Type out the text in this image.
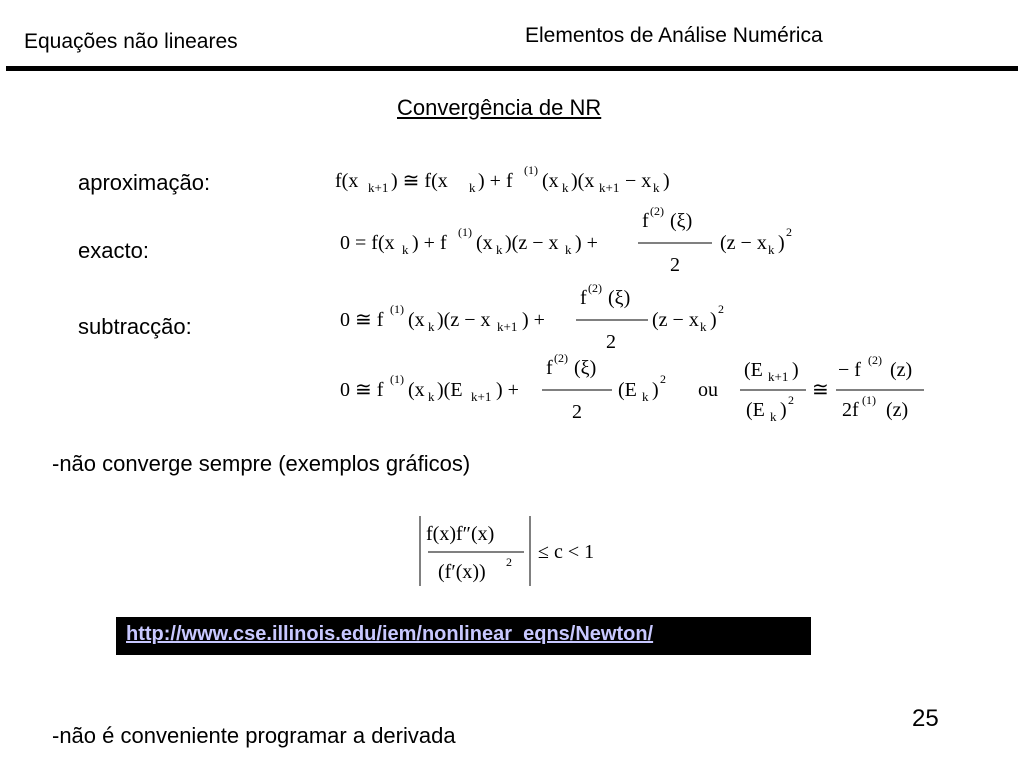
Equações não lineares	Elementos de Análise Numérica
Convergência de NR
aproximação:
exacto:
subtracção:
f(x k+1 ) ≅ f(x k ) + f (1) (x k )(x k+1 − x k )
0 = f(x k ) + f (1) (x k )(z − x k ) +
f (2) (ξ)
2
(z − x k ) 2
0 ≅ f (1) (x k )(z − x k+1 ) +
f (2) (ξ)
2
(z − x k ) 2
0 ≅ f (1) (x k )(E k+1 ) +
f (2) (ξ)
2
(E k ) 2 ou
(E k+1 )
(E k ) 2 ≅
− f (2) (z)
2f (1) (z)
-não converge sempre (exemplos gráficos)
f(x)f″(x)
(f′(x)) 2 ≤ c < 1
http://www.cse.illinois.edu/iem/nonlinear_eqns/Newton/
25
-não é conveniente programar a derivada
